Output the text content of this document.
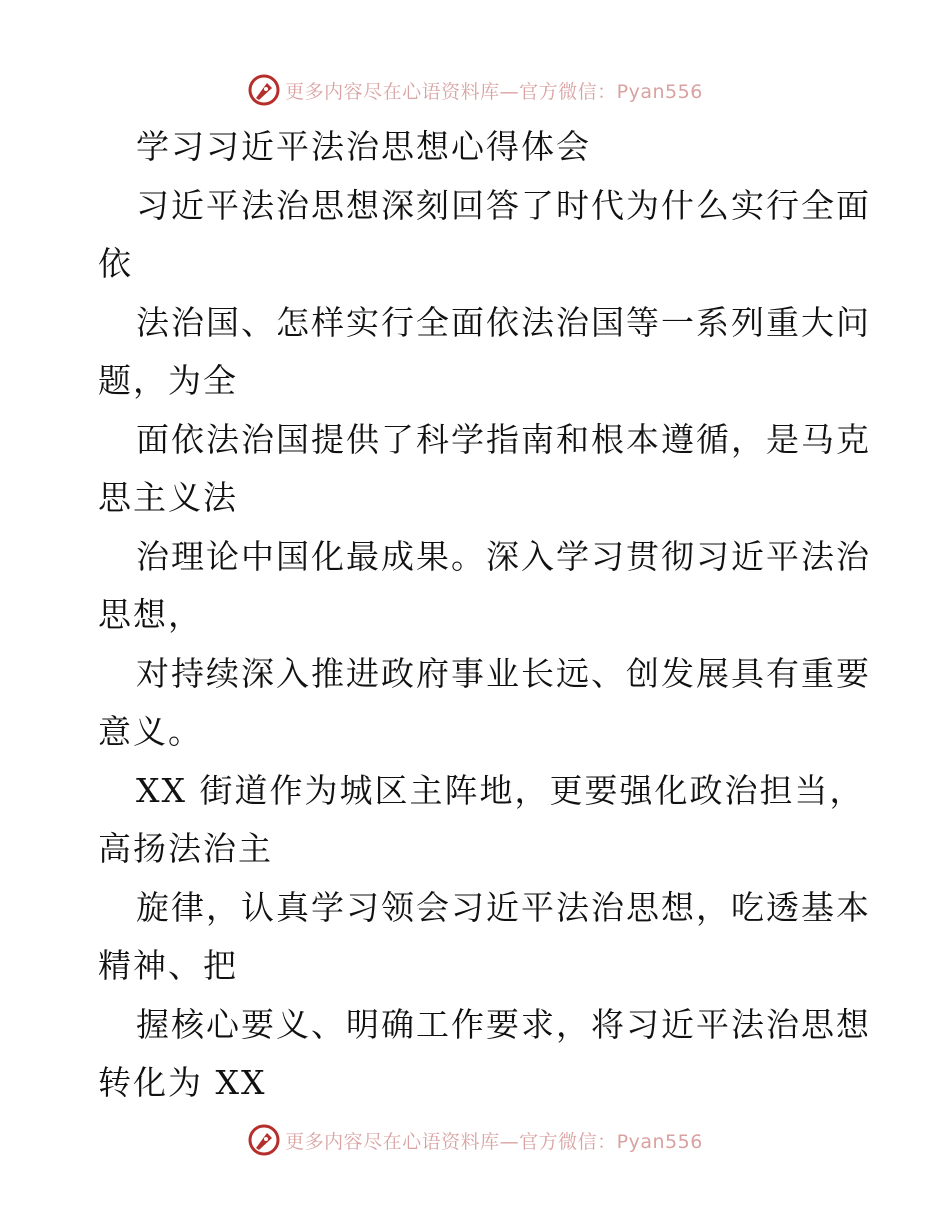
更多内容尽在心语资料库—官方微信：Pyan556
学习习近平法治思想心得体会
习近平法治思想深刻回答了时代为什么实行全面
依
法治国、怎样实行全面依法治国等一系列重大问
题，为全
面依法治国提供了科学指南和根本遵循，是马克
思主义法
治理论中国化最成果。深入学习贯彻习近平法治
思想，
对持续深入推进政府事业长远、创发展具有重要
意义。
XX 街道作为城区主阵地，更要强化政治担当，
高扬法治主
旋律，认真学习领会习近平法治思想，吃透基本
精神、把
握核心要义、明确工作要求，将习近平法治思想
转化为 XX
更多内容尽在心语资料库—官方微信：Pyan556
